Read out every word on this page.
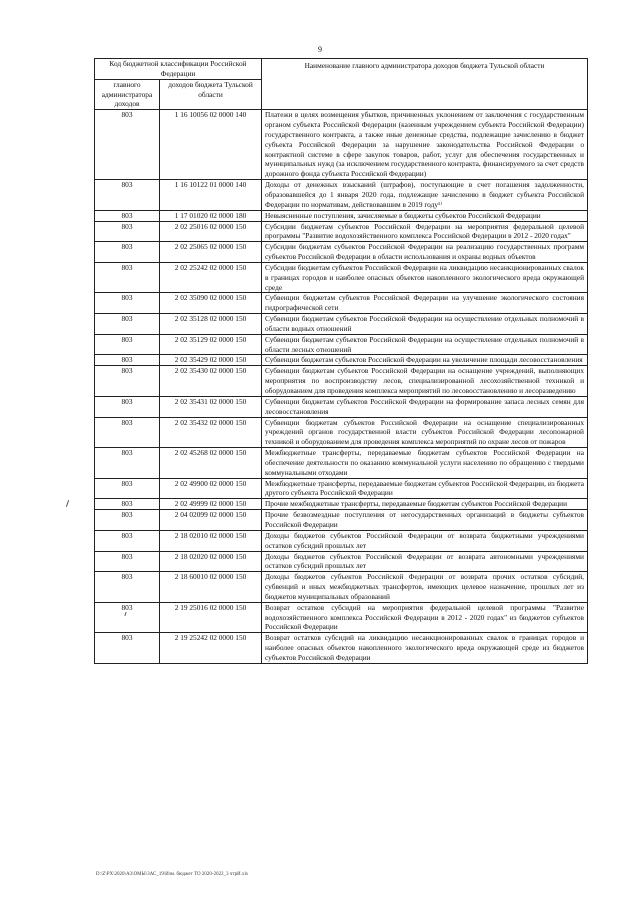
9
Код бюджетной классификации Российской Федерации		Наименование главного администратора доходов бюджета Тульской области
главного администратора доходов	доходов бюджета Тульской области	
803	1 16 10056 02 0000 140	Платежи в целях возмещения убытков, причиненных уклонением от заключения с государственным органом субъекта Российской Федерации (казенным учреждением субъекта Российской Федерации) государственного контракта, а также иные денежные средства, подлежащие зачислению в бюджет субъекта Российской Федерации за нарушение законодательства Российской Федерации о контрактной системе в сфере закупок товаров, работ, услуг для обеспечения государственных и муниципальных нужд (за исключением государственного контракта, финансируемого за счет средств дорожного фонда субъекта Российской Федерации)
803	1 16 10122 01 0000 140	Доходы от денежных взысканий (штрафов), поступающие в счет погашения задолженности, образовавшейся до 1 января 2020 года, подлежащие зачислению в бюджет субъекта Российской Федерации по нормативам, действовавшим в 2019 году¹⁾
803	1 17 01020 02 0000 180	Невыясненные поступления, зачисляемые в бюджеты субъектов Российской Федерации
803	2 02 25016 02 0000 150	Субсидии бюджетам субъектов Российской Федерации на мероприятия федеральной целевой программы "Развитие водохозяйственного комплекса Российской Федерации в 2012 - 2020 годах"
803	2 02 25065 02 0000 150	Субсидии бюджетам субъектов Российской Федерации на реализацию государственных программ субъектов Российской Федерации в области использования и охраны водных объектов
803	2 02 25242 02 0000 150	Субсидии бюджетам субъектов Российской Федерации на ликвидацию несанкционированных свалок в границах городов и наиболее опасных объектов накопленного экологического вреда окружающей среде
803	2 02 35090 02 0000 150	Субвенции бюджетам субъектов Российской Федерации на улучшение экологического состояния гидрографической сети
803	2 02 35128 02 0000 150	Субвенции бюджетам субъектов Российской Федерации на осуществление отдельных полномочий в области водных отношений
803	2 02 35129 02 0000 150	Субвенции бюджетам субъектов Российской Федерации на осуществление отдельных полномочий в области лесных отношений
803	2 02 35429 02 0000 150	Субвенции бюджетам субъектов Российской Федерации на увеличение площади лесовосстановления
803	2 02 35430 02 0000 150	Субвенции бюджетам субъектов Российской Федерации на оснащение учреждений, выполняющих мероприятия по воспроизводству лесов, специализированной лесохозяйственной техникой и оборудованием для проведения комплекса мероприятий по лесовосстановлению и лесоразведению
803	2 02 35431 02 0000 150	Субвенции бюджетам субъектов Российской Федерации на формирование запаса лесных семян для лесовосстановления
803	2 02 35432 02 0000 150	Субвенции бюджетам субъектов Российской Федерации на оснащение специализированных учреждений органов государственной власти субъектов Российской Федерации лесопожарной техникой и оборудованием для проведения комплекса мероприятий по охране лесов от пожаров
803	2 02 45268 02 0000 150	Межбюджетные трансферты, передаваемые бюджетам субъектов Российской Федерации на обеспечение деятельности по оказанию коммунальной услуги населению по обращению с твердыми коммунальными отходами
803	2 02 49900 02 0000 150	Межбюджетные трансферты, передаваемые бюджетам субъектов Российской Федерации, из бюджета другого субъекта Российской Федерации
803	2 02 49999 02 0000 150	Прочие межбюджетные трансферты, передаваемые бюджетам субъектов Российской Федерации
803	2 04 02099 02 0000 150	Прочие безвозмездные поступления от негосударственных организаций в бюджеты субъектов Российской Федерации
803	2 18 02010 02 0000 150	Доходы бюджетов субъектов Российской Федерации от возврата бюджетными учреждениями остатков субсидий прошлых лет
803	2 18 02020 02 0000 150	Доходы бюджетов субъектов Российской Федерации от возврата автономными учреждениями остатков субсидий прошлых лет
803	2 18 60010 02 0000 150	Доходы бюджетов субъектов Российской Федерации от возврата прочих остатков субсидий, субвенций и иных межбюджетных трансфертов, имеющих целевое назначение, прошлых лет из бюджетов муниципальных образований
803	2 19 25016 02 0000 150	Возврат остатков субсидий на мероприятия федеральной целевой программы "Развитие водохозяйственного комплекса Российской Федерации в 2012 - 2020 годах" из бюджетов субъектов Российской Федерации
803	2 19 25242 02 0000 150	Возврат остатков субсидий на ликвидацию несанкционированных свалок в границах городов и наиболее опасных объектов накопленного экологического вреда окружающей среде из бюджетов субъектов Российской Федерации
D:\Z\PX\2020\A3\ОМЫ\3АС_19\Изм. бюджет ТО 2020-2022_3 чтрИ.xls
